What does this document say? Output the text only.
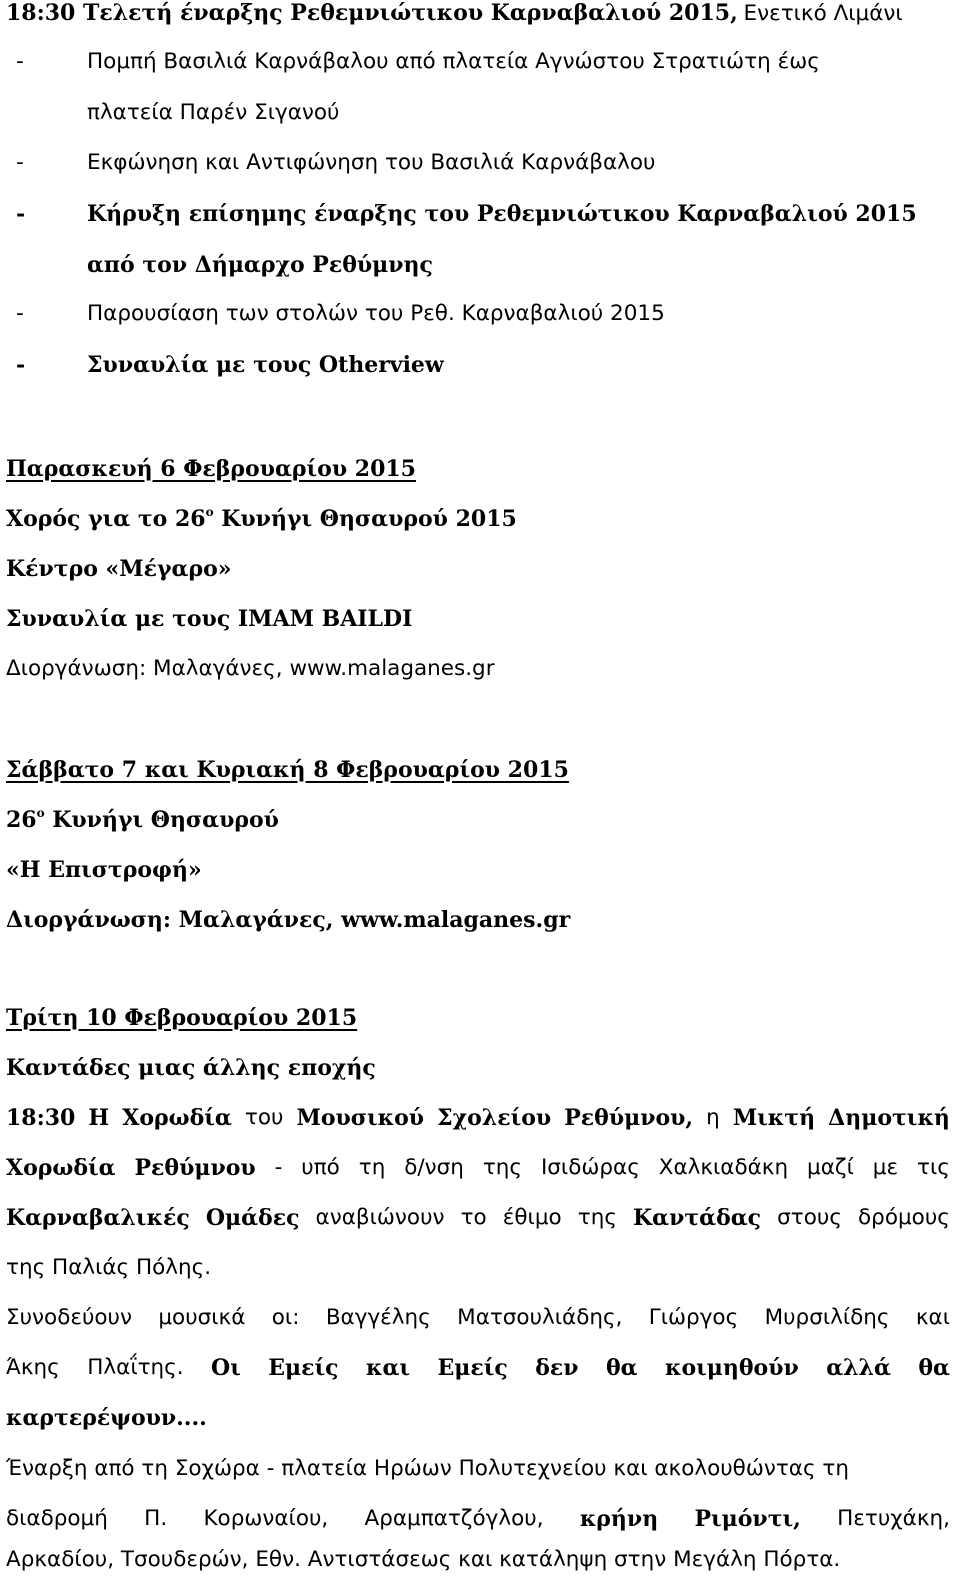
18:30 Τελετή έναρξης Ρεθεμνιώτικου Καρναβαλιού 2015, Ενετικό Λιμάνι
-	Πομπή Βασιλιά Καρνάβαλου από πλατεία Αγνώστου Στρατιώτη έως
πλατεία Παρέν Σιγανού
-	Εκφώνηση και Αντιφώνηση του Βασιλιά Καρνάβαλου
-	Κήρυξη επίσημης έναρξης του Ρεθεμνιώτικου Καρναβαλιού 2015
από τον Δήμαρχο Ρεθύμνης
-	Παρουσίαση των στολών του Ρεθ. Καρναβαλιού 2015
-	Συναυλία με τους Otherview
Παρασκευή 6 Φεβρουαρίου 2015
Χορός για το $26^o$ Κυνήγι Θησαυρού 2015
Κέντρο «Μέγαρο»
Συναυλία με τους IMAM BAILDI
Διοργάνωση: Μαλαγάνες, www.malaganes.gr
Σάββατο 7 και Κυριακή 8 Φεβρουαρίου 2015
$26^o$ Κυνήγι Θησαυρού
«Η Επιστροφή»
Διοργάνωση: Μαλαγάνες, www.malaganes.gr
Τρίτη 10 Φεβρουαρίου 2015
Καντάδες μιας άλλης εποχής
18:30 Η Χορωδία του Μουσικού Σχολείου Ρεθύμνου, η Μικτή Δημοτική
Χορωδία Ρεθύμνου - υπό τη δ/νση της Ισιδώρας Χαλκιαδάκη μαζί με τις
Καρναβαλικές Ομάδες αναβιώνουν το έθιμο της Καντάδας στους δρόμους
της Παλιάς Πόλης.
Συνοδεύουν μουσικά οι: Βαγγέλης Ματσουλιάδης, Γιώργος Μυρσιλίδης και
Άκης Πλαΐτης. Οι Εμείς και Εμείς δεν θα κοιμηθούν αλλά θα
καρτερέψουν....
Έναρξη από τη Σοχώρα - πλατεία Ηρώων Πολυτεχνείου και ακολουθώντας τη
διαδρομή Π. Κορωναίου, Αραμπατζόγλου, κρήνη Ριμόντι, Πετυχάκη,
Αρκαδίου, Τσουδερών, Εθν. Αντιστάσεως και κατάληψη στην Μεγάλη Πόρτα.
